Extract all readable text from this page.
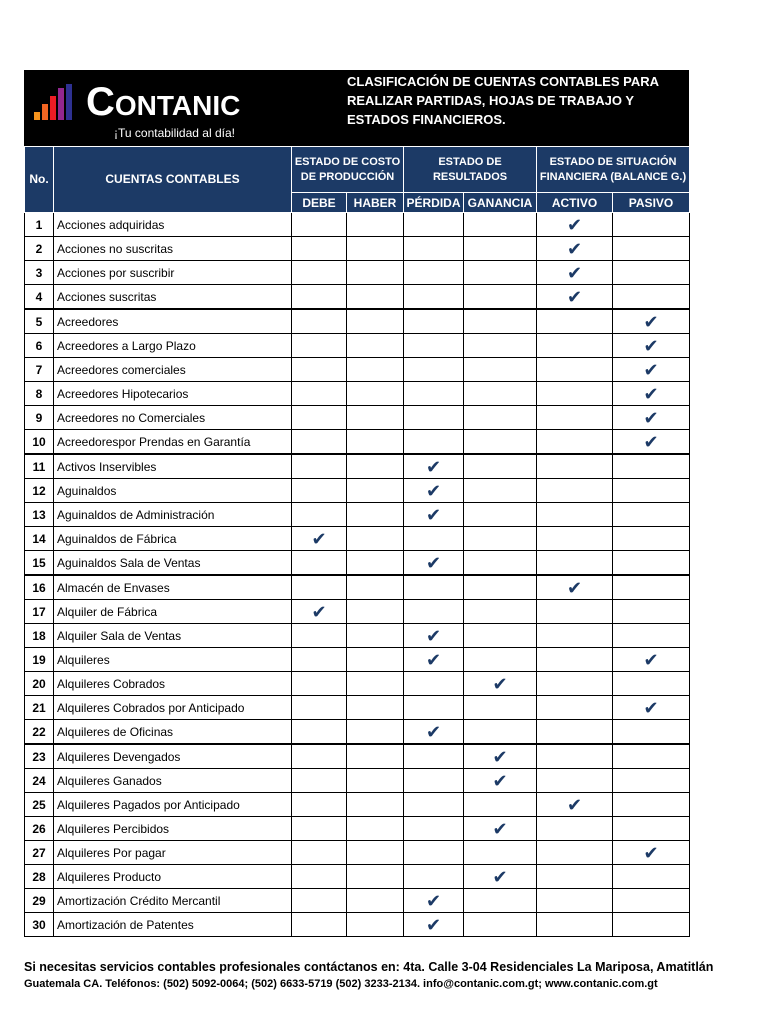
Contanic
¡Tu contabilidad al día!
CLASIFICACIÓN DE CUENTAS CONTABLES PARA
REALIZAR PARTIDAS, HOJAS DE TRABAJO Y
ESTADOS FINANCIEROS.
No.	CUENTAS CONTABLES	ESTADO DE COSTO DE PRODUCCIÓN		ESTADO DE RESULTADOS		ESTADO DE SITUACIÓN FINANCIERA (BALANCE G.)	
		DEBE	HABER	PÉRDIDA	GANANCIA	ACTIVO	PASIVO
1	Acciones adquiridas					✔	
2	Acciones no suscritas					✔	
3	Acciones por suscribir					✔	
4	Acciones suscritas					✔	
5	Acreedores						✔
6	Acreedores a Largo Plazo						✔
7	Acreedores comerciales						✔
8	Acreedores Hipotecarios						✔
9	Acreedores no Comerciales						✔
10	Acreedorespor Prendas en Garantía						✔
11	Activos Inservibles			✔			
12	Aguinaldos			✔			
13	Aguinaldos de Administración			✔			
14	Aguinaldos de Fábrica	✔					
15	Aguinaldos Sala de Ventas			✔			
16	Almacén de Envases					✔	
17	Alquiler de Fábrica	✔					
18	Alquiler Sala de Ventas			✔			
19	Alquileres			✔			✔
20	Alquileres Cobrados				✔		
21	Alquileres Cobrados por Anticipado						✔
22	Alquileres de Oficinas			✔			
23	Alquileres Devengados				✔		
24	Alquileres Ganados				✔		
25	Alquileres Pagados por Anticipado					✔	
26	Alquileres Percibidos				✔		
27	Alquileres Por pagar						✔
28	Alquileres Producto				✔		
29	Amortización Crédito Mercantil			✔			
30	Amortización de Patentes			✔			
Si necesitas servicios contables profesionales contáctanos en: 4ta. Calle 3-04 Residenciales La Mariposa, Amatitlán
Guatemala CA. Teléfonos: (502) 5092-0064; (502) 6633-5719 (502) 3233-2134. info@contanic.com.gt; www.contanic.com.gt
